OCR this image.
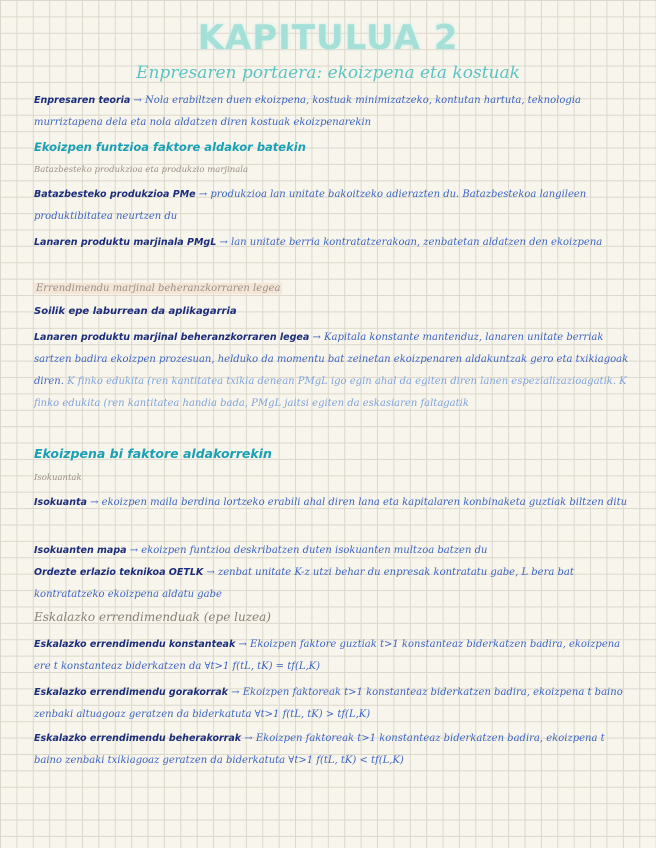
KAPITULUA 2
Enpresaren portaera: ekoizpena eta kostuak
Enpresaren teoria → Nola erabiltzen duen ekoizpena, kostuak minimizatzeko, kontutan hartuta, teknologia murriztapena dela eta nola aldatzen diren kostuak ekoizpenarekin
Ekoizpen funtzioa faktore aldakor batekin
Batazbesteko produkzioa eta produkzio marjinala
Batazbesteko produkzioa PMe → produkzioa lan unitate bakoitzeko adierazten du. Batazbestekoa langileen produktibitatea neurtzen du
Lanaren produktu marjinala PMgL → lan unitate berria kontratatzerakoan, zenbatetan aldatzen den ekoizpena
Errendimendu marjinal beheranzkorraren legea
Soilik epe laburrean da aplikagarria
Lanaren produktu marjinal beheranzkorraren legea → Kapitala konstante mantenduz, lanaren unitate berriak sartzen badira ekoizpen prozesuan, helduko da momentu bat zeinetan ekoizpenaren aldakuntzak gero eta txikiagoak diren. K finko edukita (ren kantitatea txikia denean PMgL igo egin ahal da egiten diren lanen espezializazioagatik. K finko edukita (ren kantitatea handia bada, PMgL jaitsi egiten da eskasiaren faltagatik
Ekoizpena bi faktore aldakorrekin
Isokuantak
Isokuanta → ekoizpen maila berdina lortzeko erabili ahal diren lana eta kapitalaren konbinaketa guztiak biltzen ditu
Isokuanten mapa → ekoizpen funtzioa deskribatzen duten isokuanten multzoa batzen du
Ordezte erlazio teknikoa OETLK → zenbat unitate K-z utzi behar du enpresak kontratatu gabe, L bera bat kontratatzeko ekoizpena aldatu gabe
Eskalazko errendimenduak (epe luzea)
Eskalazko errendimendu konstanteak → Ekoizpen faktore guztiak t>1 konstanteaz biderkatzen badira, ekoizpena ere t konstanteaz biderkatzen da ∀t>1 f(tL, tK) = tf(L,K)
Eskalazko errendimendu gorakorrak → Ekoizpen faktoreak t>1 konstanteaz biderkatzen badira, ekoizpena t baino zenbaki altuagoaz geratzen da biderkatuta ∀t>1 f(tL, tK) > tf(L,K)
Eskalazko errendimendu beherakorrak → Ekoizpen faktoreak t>1 konstanteaz biderkatzen badira, ekoizpena t baino zenbaki txikiagoaz geratzen da biderkatuta ∀t>1 f(tL, tK) < tf(L,K)
